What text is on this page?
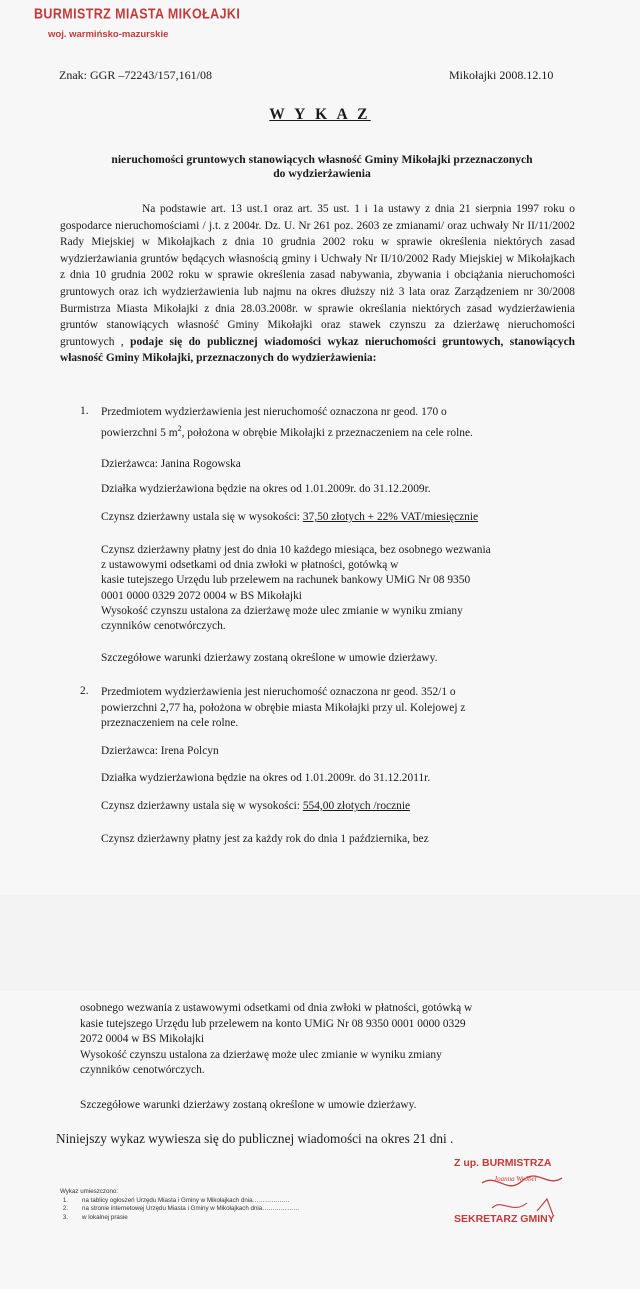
BURMISTRZ MIASTA MIKOŁAJKI
woj. warmińsko-mazurskie
Znak: GGR –72243/157,161/08	Mikołajki 2008.12.10
W Y K A Z
nieruchomości gruntowych stanowiących własność Gminy Mikołajki przeznaczonych
do wydzierżawienia
Na podstawie art. 13 ust.1 oraz art. 35 ust. 1 i 1a ustawy z dnia 21 sierpnia 1997 roku o gospodarce nieruchomościami / j.t. z 2004r. Dz. U. Nr 261 poz. 2603 ze zmianami/ oraz uchwały Nr II/11/2002 Rady Miejskiej w Mikołajkach z dnia 10 grudnia 2002 roku w sprawie określenia niektórych zasad wydzierżawiania gruntów będących własnością gminy i Uchwały Nr II/10/2002 Rady Miejskiej w Mikołajkach z dnia 10 grudnia 2002 roku w sprawie określenia zasad nabywania, zbywania i obciążania nieruchomości gruntowych oraz ich wydzierżawienia lub najmu na okres dłuższy niż 3 lata oraz Zarządzeniem nr 30/2008 Burmistrza Miasta Mikołajki z dnia 28.03.2008r. w sprawie określania niektórych zasad wydzierżawienia gruntów stanowiących własność Gminy Mikołajki oraz stawek czynszu za dzierżawę nieruchomości gruntowych , podaje się do publicznej wiadomości wykaz nieruchomości gruntowych, stanowiących własność Gminy Mikołajki, przeznaczonych do wydzierżawienia:
1. Przedmiotem wydzierżawienia jest nieruchomość oznaczona nr geod. 170 o
powierzchni 5 $m^2$, położona w obrębie Mikołajki z przeznaczeniem na cele rolne.
Dzierżawca: Janina Rogowska
Działka wydzierżawiona będzie na okres od 1.01.2009r. do 31.12.2009r.
Czynsz dzierżawny ustala się w wysokości: 37,50 złotych + 22% VAT/miesięcznie
Czynsz dzierżawny płatny jest do dnia 10 każdego miesiąca, bez osobnego wezwania
z ustawowymi odsetkami od dnia zwłoki w płatności, gotówką w
kasie tutejszego Urzędu lub przelewem na rachunek bankowy UMiG Nr 08 9350
0001 0000 0329 2072 0004 w BS Mikołajki
Wysokość czynszu ustalona za dzierżawę może ulec zmianie w wyniku zmiany
czynników cenotwórczych.
Szczegółowe warunki dzierżawy zostaną określone w umowie dzierżawy.
2. Przedmiotem wydzierżawienia jest nieruchomość oznaczona nr geod. 352/1 o
powierzchni 2,77 ha, położona w obrębie miasta Mikołajki przy ul. Kolejowej z
przeznaczeniem na cele rolne.
Dzierżawca: Irena Polcyn
Działka wydzierżawiona będzie na okres od 1.01.2009r. do 31.12.2011r.
Czynsz dzierżawny ustala się w wysokości: 554,00 złotych /rocznie
Czynsz dzierżawny płatny jest za każdy rok do dnia 1 października, bez
osobnego wezwania z ustawowymi odsetkami od dnia zwłoki w płatności, gotówką w
kasie tutejszego Urzędu lub przelewem na konto UMiG Nr 08 9350 0001 0000 0329
2072 0004 w BS Mikołajki
Wysokość czynszu ustalona za dzierżawę może ulec zmianie w wyniku zmiany
czynników cenotwórczych.
Szczegółowe warunki dzierżawy zostaną określone w umowie dzierżawy.
Niniejszy wykaz wywiesza się do publicznej wiadomości na okres 21 dni .
Wykaz umieszczono:
1. na tablicy ogłoszeń Urzędu Miasta i Gminy w Mikołajkach dnia………………
2. na stronie internetowej Urzędu Miasta i Gminy w Mikołajkach dnia………………
3. w lokalnej prasie
Z up. BURMISTRZA
Joanna Wróbel
SEKRETARZ GMINY
